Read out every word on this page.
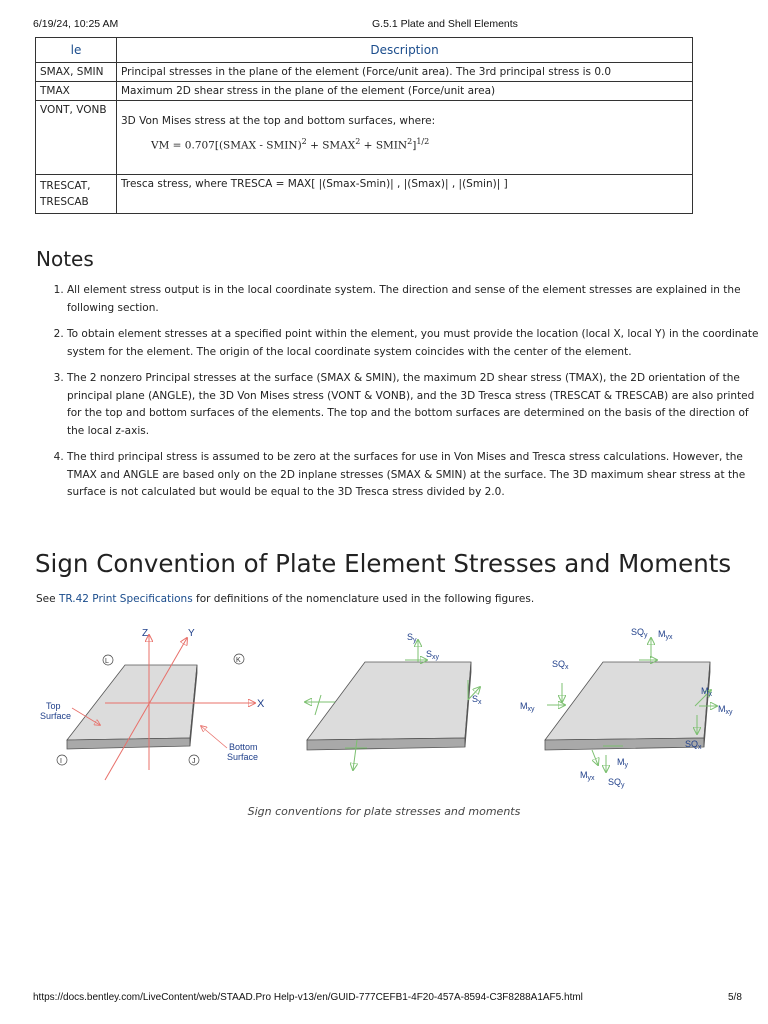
6/19/24, 10:25 AM	G.5.1 Plate and Shell Elements
le	Description
SMAX, SMIN	Principal stresses in the plane of the element (Force/unit area). The 3rd principal stress is 0.0
TMAX	Maximum 2D shear stress in the plane of the element (Force/unit area)
VONT, VONB	3D Von Mises stress at the top and bottom surfaces, where:
VM = 0.707[(SMAX - SMIN)$^2$ + $SMAX^2$ + $SMIN^2]^{1/2}$

TRESCAT,
TRESCAB	Tresca stress, where TRESCA = MAX[ |(Smax-Smin)| , |(Smax)| , |(Smin)| ]
Notes
1. All element stress output is in the local coordinate system. The direction and sense of the element stresses are explained in the following section.
2. To obtain element stresses at a specified point within the element, you must provide the location (local X, local Y) in the coordinate system for the element. The origin of the local coordinate system coincides with the center of the element.
3. The 2 nonzero Principal stresses at the surface (SMAX & SMIN), the maximum 2D shear stress (TMAX), the 2D orientation of the principal plane (ANGLE), the 3D Von Mises stress (VONT & VONB), and the 3D Tresca stress (TRESCAT & TRESCAB) are also printed for the top and bottom surfaces of the elements. The top and the bottom surfaces are determined on the basis of the direction of the local z-axis.
4. The third principal stress is assumed to be zero at the surfaces for use in Von Mises and Tresca stress calculations. However, the TMAX and ANGLE are based only on the 2D inplane stresses (SMAX & SMIN) at the surface. The 3D maximum shear stress at the surface is not calculated but would be equal to the 3D Tresca stress divided by 2.0.
Sign Convention of Plate Element Stresses and Moments

See TR.42 Print Specifications for definitions of the nomenclature used in the following figures.

Z	Y
X
L	K
I	J
Top
Surface
Bottom
Surface
$S_y$
$S_{xy}$
$S_x$
$SQ_y$ $M_{yx}$
$SQ_x$
$M_{xy}$
$M_x$
$M_{xy}$
$SQ_x$
$M_{yx}$
$M_y$
$SQ_y$
Sign conventions for plate stresses and moments
https://docs.bentley.com/LiveContent/web/STAAD.Pro Help-v13/en/GUID-777CEFB1-4F20-457A-8594-C3F8288A1AF5.html	5/8
